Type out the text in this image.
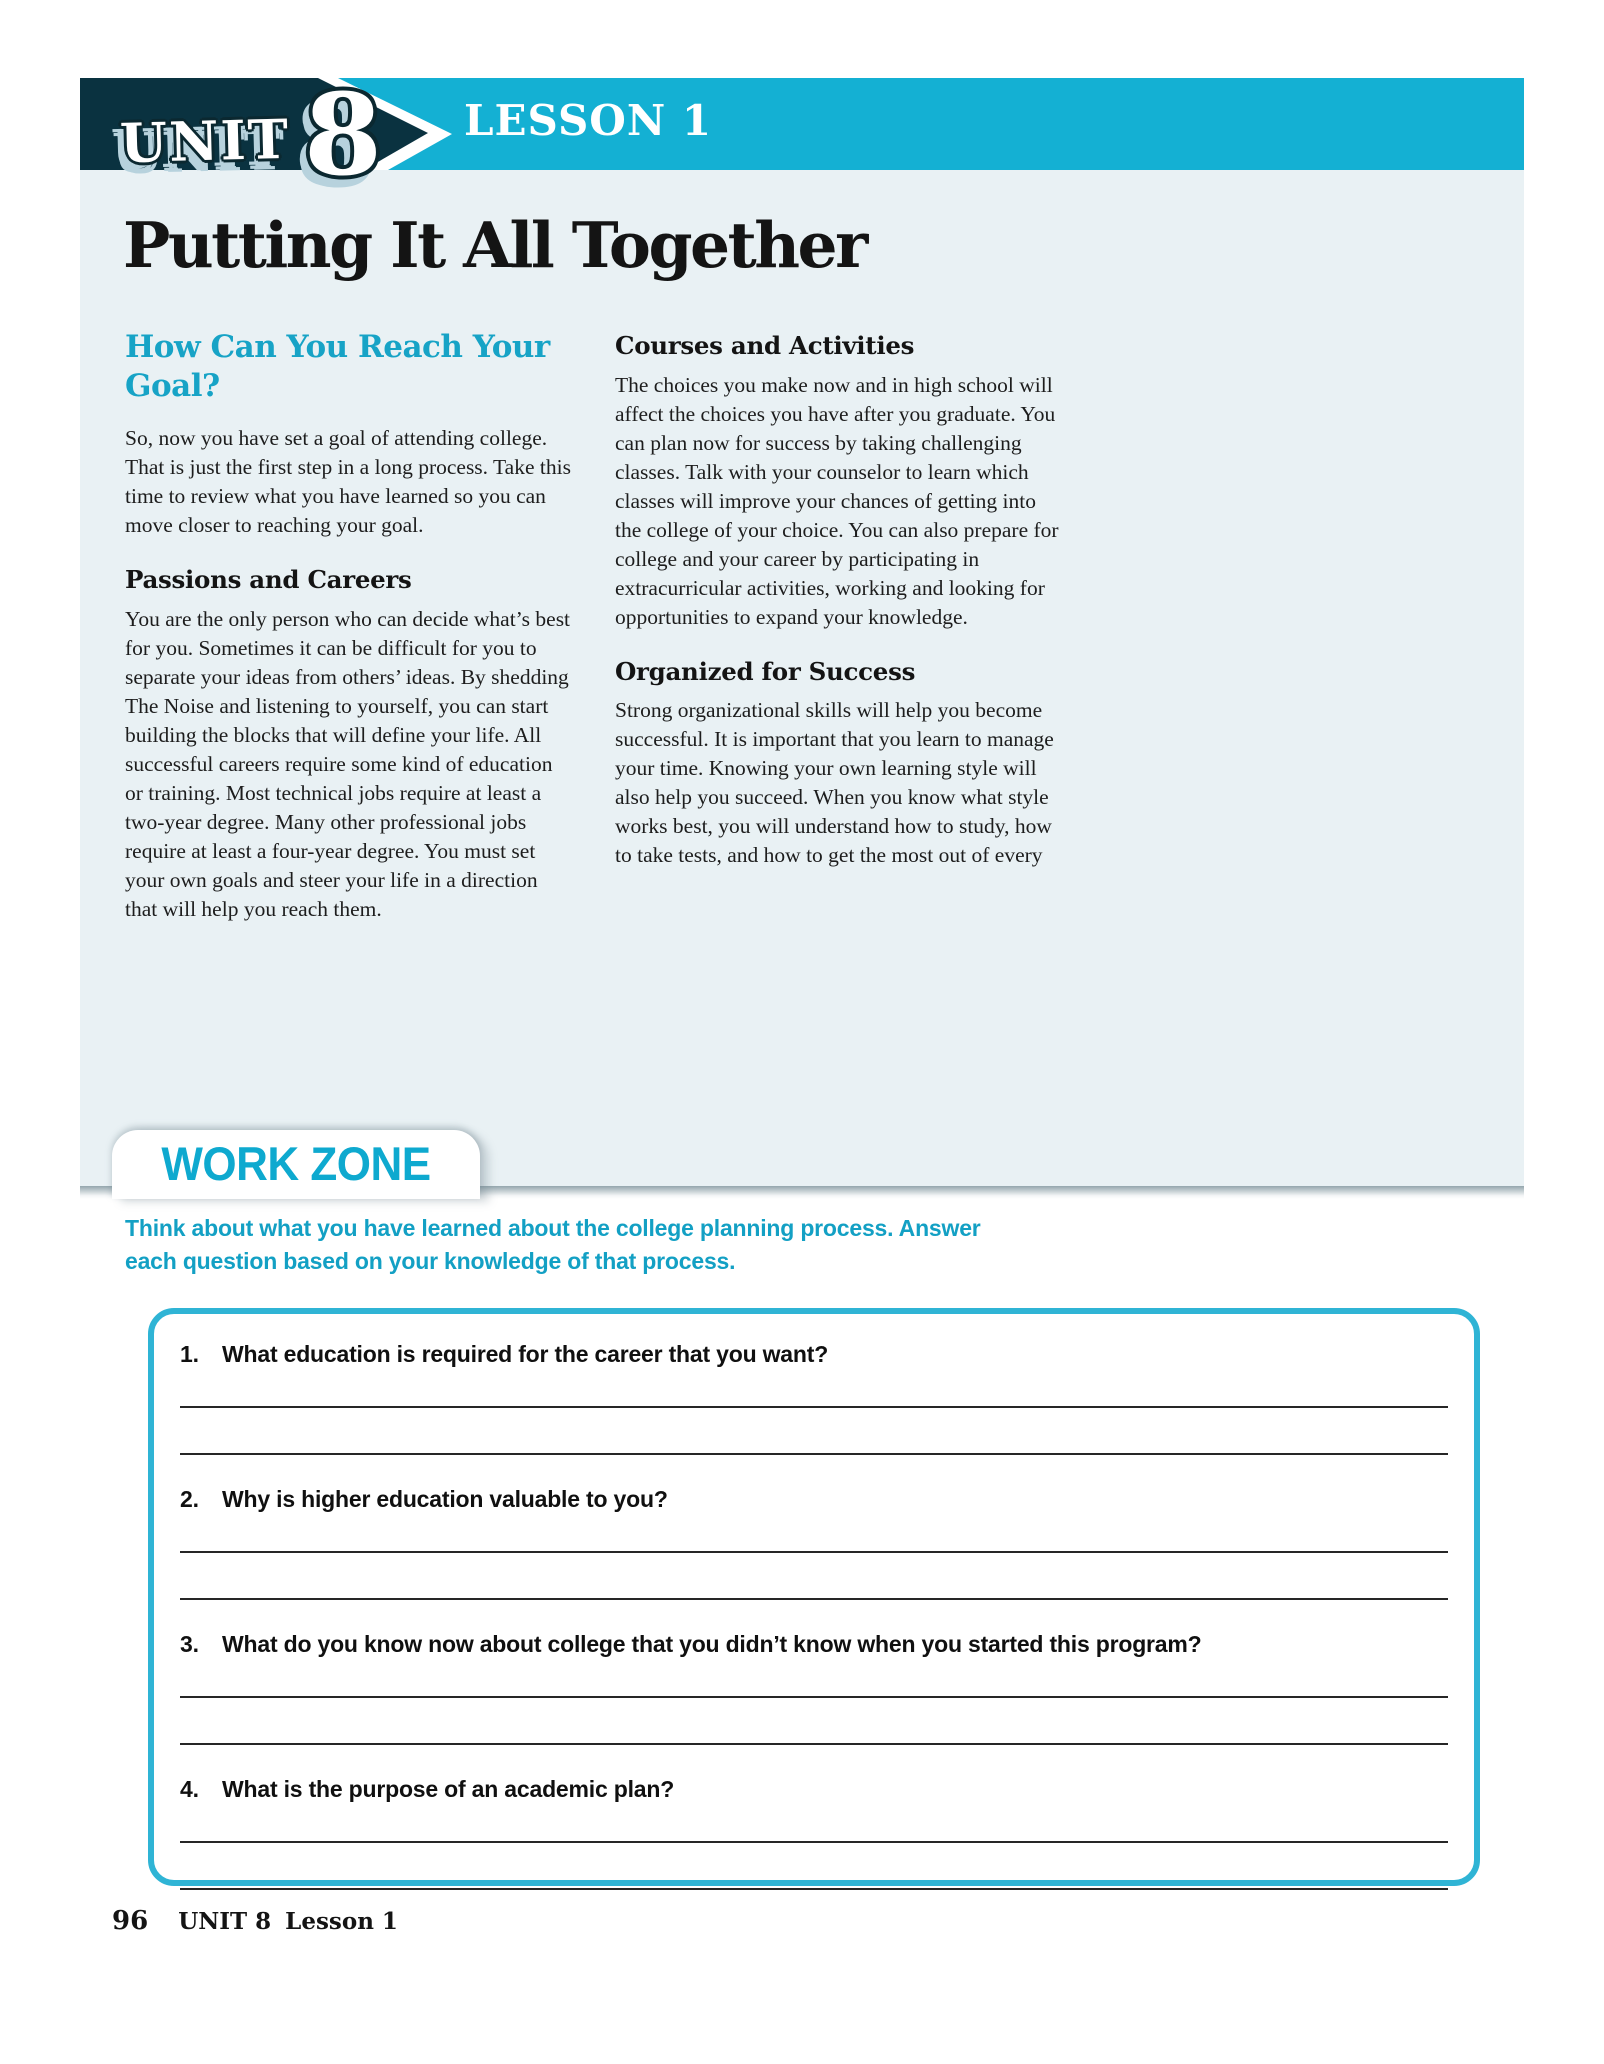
UNIT 8 LESSON 1
Putting It All Together
How Can You Reach Your Goal?

So, now you have set a goal of attending college. That is just the first step in a long process. Take this time to review what you have learned so you can move closer to reaching your goal.

Passions and Careers

You are the only person who can decide what’s best for you. Sometimes it can be difficult for you to separate your ideas from others’ ideas. By shedding The Noise and listening to yourself, you can start building the blocks that will define your life. All successful careers require some kind of education or training. Most technical jobs require at least a two-year degree. Many other professional jobs require at least a four-year degree. You must set your own goals and steer your life in a direction that will help you reach them.

Courses and Activities

The choices you make now and in high school will affect the choices you have after you graduate. You can plan now for success by taking challenging classes. Talk with your counselor to learn which classes will improve your chances of getting into the college of your choice. You can also prepare for college and your career by participating in extracurricular activities, working and looking for opportunities to expand your knowledge.

Organized for Success

Strong organizational skills will help you become successful. It is important that you learn to manage your time. Knowing your own learning style will also help you succeed. When you know what style works best, you will understand how to study, how to take tests, and how to get the most out of every

WORK ZONE

Think about what you have learned about the college planning process. Answer each question based on your knowledge of that process.

1.	What education is required for the career that you want?
2.	Why is higher education valuable to you?
3.	What do you know now about college that you didn’t know when you started this program?
4.	What is the purpose of an academic plan?
96 UNIT 8 Lesson 1
